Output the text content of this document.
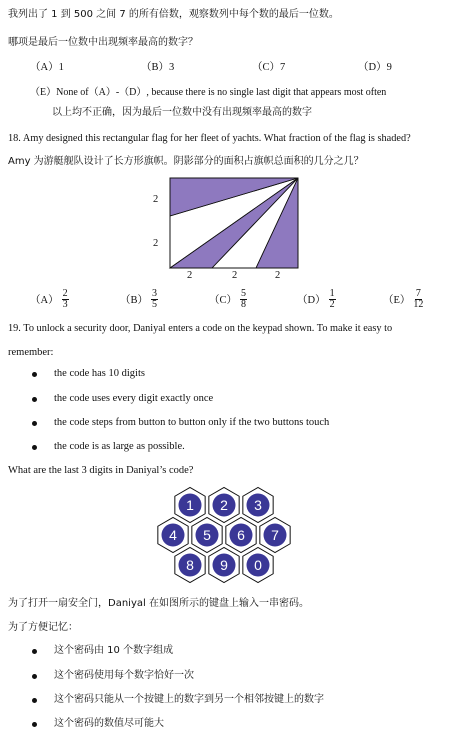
我列出了 1 到 500 之间 7 的所有倍数，观察数列中每个数的最后一位数。
哪项是最后一位数中出现频率最高的数字？
（A）1	（B）3	（C）7	（D）9
（E）None of（A）-（D）, because there is no single last digit that appears most often
以上均不正确，因为最后一位数中没有出现频率最高的数字
18. Amy designed this rectangular flag for her fleet of yachts. What fraction of the flag is shaded?
Amy 为游艇舰队设计了长方形旗帜。阴影部分的面积占旗帜总面积的几分之几？
2
2
2	2	2
$(A) \frac{2}{3}$	$(B) \frac{3}{5}$	$(C) \frac{5}{8}$	$(D) \frac{1}{2}$	$(E) \frac{7}{12}$
19. To unlock a security door, Daniyal enters a code on the keypad shown. To make it easy to
remember:
the code has 10 digits
the code uses every digit exactly once
the code steps from button to button only if the two buttons touch
the code is as large as possible.
What are the last 3 digits in Daniyal’s code?
1 2 3
4 5 6 7
8 9 0
为了打开一扇安全门，Daniyal 在如图所示的键盘上输入一串密码。
为了方便记忆：
这个密码由 10 个数字组成
这个密码使用每个数字恰好一次
这个密码只能从一个按键上的数字到另一个相邻按键上的数字
这个密码的数值尽可能大
